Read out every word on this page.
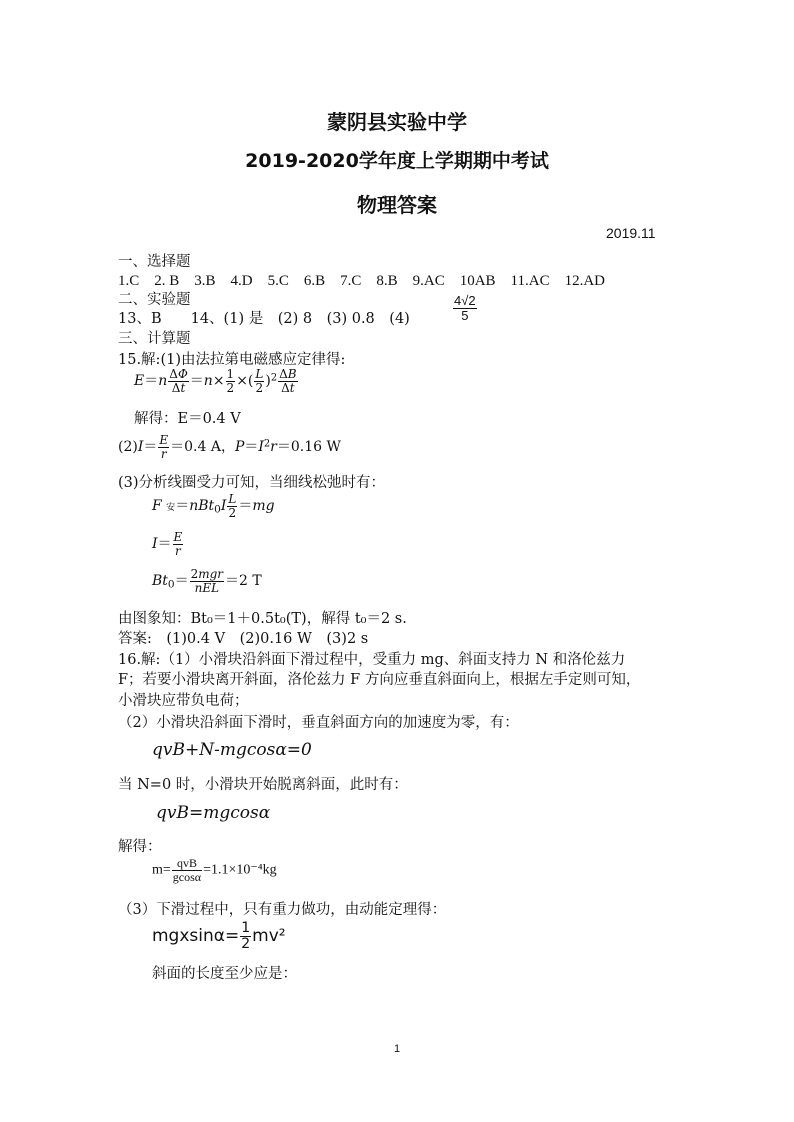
蒙阴县实验中学
2019-2020学年度上学期期中考试
物理答案
2019.11
一、选择题
1.C　2. B　3.B　4.D　5.C　6.B　7.C　8.B　9.AC　10AB　11.AC　12.AD
二、实验题
13、B　　14、(1) 是　(2) 8　(3) 0.8　(4)	$\frac{4√2}{5}$
三、计算题
15.解:(1)由法拉第电磁感应定律得:
$E=n \frac{\Delta\Phi}{\Delta t} =n\times \frac{1}{2}$ ×( $\frac{L}{2} )^2 \frac{\Delta B}{\Delta t}$
解得：E＝0.4 V
$(2)I= \frac{E}{r} =0.4$ A，$P=I^2r=0.16$ W
(3)分析线圈受力可知，当细线松弛时有：
F 安$=nBt_0I \frac{L}{2} =mg$
$I= \frac{E}{r}$
$Bt_0= \frac{\text{2mgr}}{\text{nEL}} =2$ T
由图象知：Bt₀＝1＋0.5t₀(T)，解得 t₀＝2 s.
答案:　(1)0.4 V　(2)0.16 W　(3)2 s
16.解:（1）小滑块沿斜面下滑过程中，受重力 mg、斜面支持力 N 和洛伦兹力
F；若要小滑块离开斜面，洛伦兹力 F 方向应垂直斜面向上，根据左手定则可知，
小滑块应带负电荷；
（2）小滑块沿斜面下滑时，垂直斜面方向的加速度为零，有：
qvB+N-mgcosα=0
当 N=0 时，小滑块开始脱离斜面，此时有：
qvB=mgcosα
解得：
$m= \frac{\text{qvB}}{gcos\alpha} =1.1\times 10^{-4}kg$
（3）下滑过程中，只有重力做功，由动能定理得：
$mgxsin\alpha= \frac{1}{2} mv^2$
斜面的长度至少应是：
1
